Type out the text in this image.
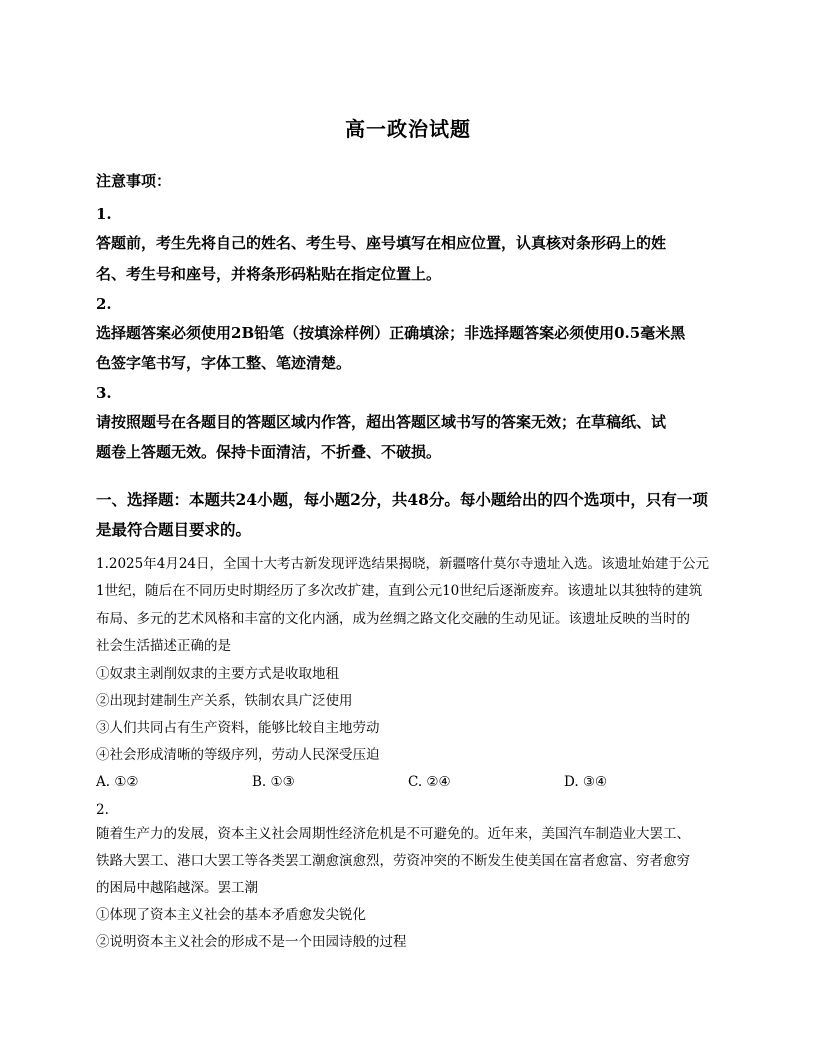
高一政治试题
注意事项：
1.
答题前，考生先将自己的姓名、考生号、座号填写在相应位置，认真核对条形码上的姓
名、考生号和座号，并将条形码粘贴在指定位置上。
2.
选择题答案必须使用2B铅笔（按填涂样例）正确填涂；非选择题答案必须使用0.5毫米黑
色签字笔书写，字体工整、笔迹清楚。
3.
请按照题号在各题目的答题区域内作答，超出答题区域书写的答案无效；在草稿纸、试
题卷上答题无效。保持卡面清洁，不折叠、不破损。
一、选择题：本题共24小题，每小题2分，共48分。每小题给出的四个选项中，只有一项
是最符合题目要求的。
1.2025年4月24日，全国十大考古新发现评选结果揭晓，新疆喀什莫尔寺遗址入选。该遗址始建于公元
1世纪，随后在不同历史时期经历了多次改扩建，直到公元10世纪后逐渐废弃。该遗址以其独特的建筑
布局、多元的艺术风格和丰富的文化内涵，成为丝绸之路文化交融的生动见证。该遗址反映的当时的
社会生活描述正确的是
①奴隶主剥削奴隶的主要方式是收取地租
②出现封建制生产关系，铁制农具广泛使用
③人们共同占有生产资料，能够比较自主地劳动
④社会形成清晰的等级序列，劳动人民深受压迫
A. ①②	B. ①③	C. ②④	D. ③④
2.
随着生产力的发展，资本主义社会周期性经济危机是不可避免的。近年来，美国汽车制造业大罢工、
铁路大罢工、港口大罢工等各类罢工潮愈演愈烈，劳资冲突的不断发生使美国在富者愈富、穷者愈穷
的困局中越陷越深。罢工潮
①体现了资本主义社会的基本矛盾愈发尖锐化
②说明资本主义社会的形成不是一个田园诗般的过程
